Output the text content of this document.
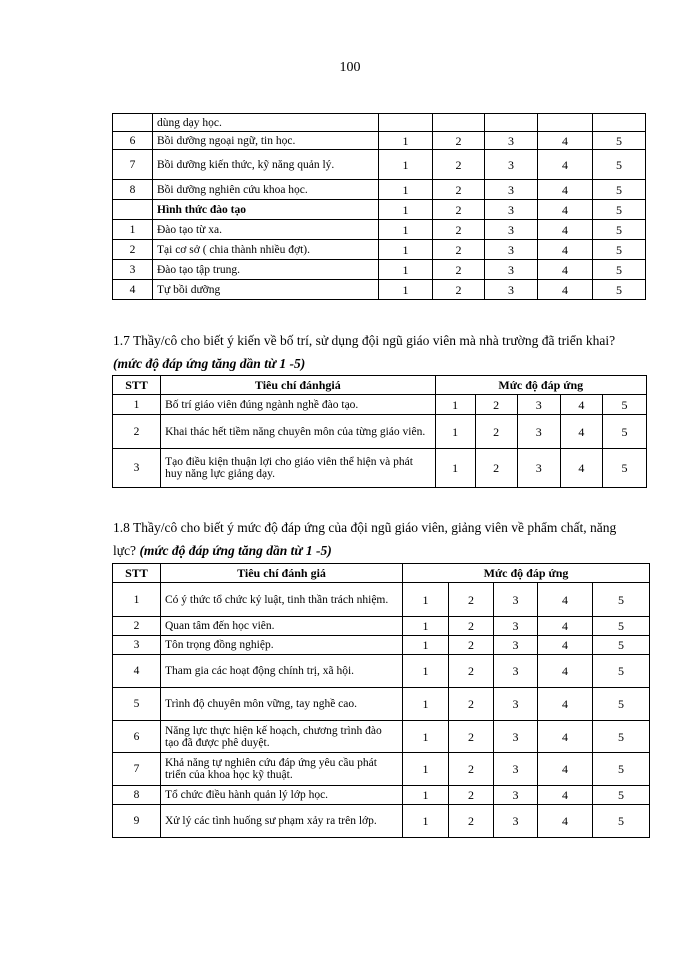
100
	dùng dạy học.					
6	Bồi dưỡng ngoại ngữ, tin học.	1	2	3	4	5
7	Bồi dưỡng kiến thức, kỹ năng quản lý.	1	2	3	4	5
8	Bồi dưỡng nghiên cứu khoa học.	1	2	3	4	5
	Hình thức đào tạo	1	2	3	4	5
1	Đào tạo từ xa.	1	2	3	4	5
2	Tại cơ sở ( chia thành nhiều đợt).	1	2	3	4	5
3	Đào tạo tập trung.	1	2	3	4	5
4	Tự bồi dưỡng	1	2	3	4	5
1.7 Thầy/cô cho biết ý kiến về bố trí, sử dụng đội ngũ giáo viên mà nhà trường đã triển khai? (mức độ đáp ứng tăng dần từ 1 -5)
STT	Tiêu chí đánhgiá	Mức độ đáp ứng				
1	Bố trí giáo viên đúng ngành nghề đào tạo.	1	2	3	4	5
2	Khai thác hết tiềm năng chuyên môn của từng giáo viên.	1	2	3	4	5
3	Tạo điều kiện thuận lợi cho giáo viên thể hiện và phát huy năng lực giảng dạy.	1	2	3	4	5
1.8 Thầy/cô cho biết ý mức độ đáp ứng của đội ngũ giáo viên, giảng viên về phẩm chất, năng lực? (mức độ đáp ứng tăng dần từ 1 -5)
STT	Tiêu chí đánh giá	Mức độ đáp ứng				
1	Có ý thức tổ chức kỷ luật, tinh thần trách nhiệm.	1	2	3	4	5
2	Quan tâm đến học viên.	1	2	3	4	5
3	Tôn trọng đồng nghiệp.	1	2	3	4	5
4	Tham gia các hoạt động chính trị, xã hội.	1	2	3	4	5
5	Trình độ chuyên môn vững, tay nghề cao.	1	2	3	4	5
6	Năng lực thực hiện kế hoạch, chương trình đào tạo đã được phê duyệt.	1	2	3	4	5
7	Khả năng tự nghiên cứu đáp ứng yêu cầu phát triển của khoa học kỹ thuật.	1	2	3	4	5
8	Tổ chức điều hành quản lý lớp học.	1	2	3	4	5
9	Xử lý các tình huống sư phạm xảy ra trên lớp.	1	2	3	4	5
